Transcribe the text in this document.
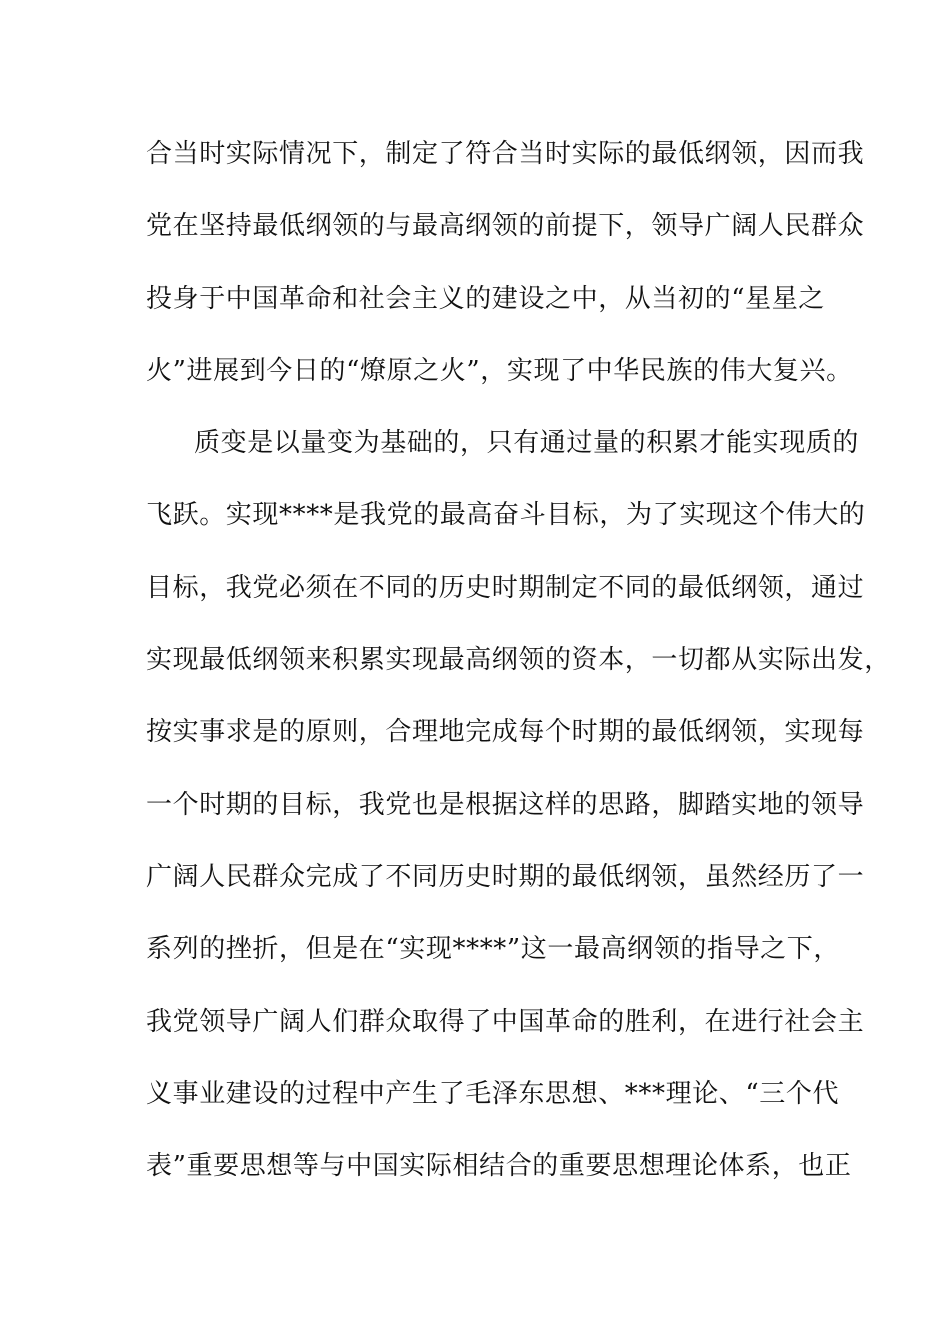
合当时实际情况下，制定了符合当时实际的最低纲领，因而我
党在坚持最低纲领的与最高纲领的前提下，领导广阔人民群众
投身于中国革命和社会主义的建设之中，从当初的“星星之
火”进展到今日的“燎原之火”，实现了中华民族的伟大复兴。
质变是以量变为基础的，只有通过量的积累才能实现质的
飞跃。实现****是我党的最高奋斗目标，为了实现这个伟大的
目标，我党必须在不同的历史时期制定不同的最低纲领，通过
实现最低纲领来积累实现最高纲领的资本，一切都从实际出发，
按实事求是的原则，合理地完成每个时期的最低纲领，实现每
一个时期的目标，我党也是根据这样的思路，脚踏实地的领导
广阔人民群众完成了不同历史时期的最低纲领，虽然经历了一
系列的挫折，但是在“实现****”这一最高纲领的指导之下，
我党领导广阔人们群众取得了中国革命的胜利，在进行社会主
义事业建设的过程中产生了毛泽东思想、***理论、“三个代
表”重要思想等与中国实际相结合的重要思想理论体系，也正
